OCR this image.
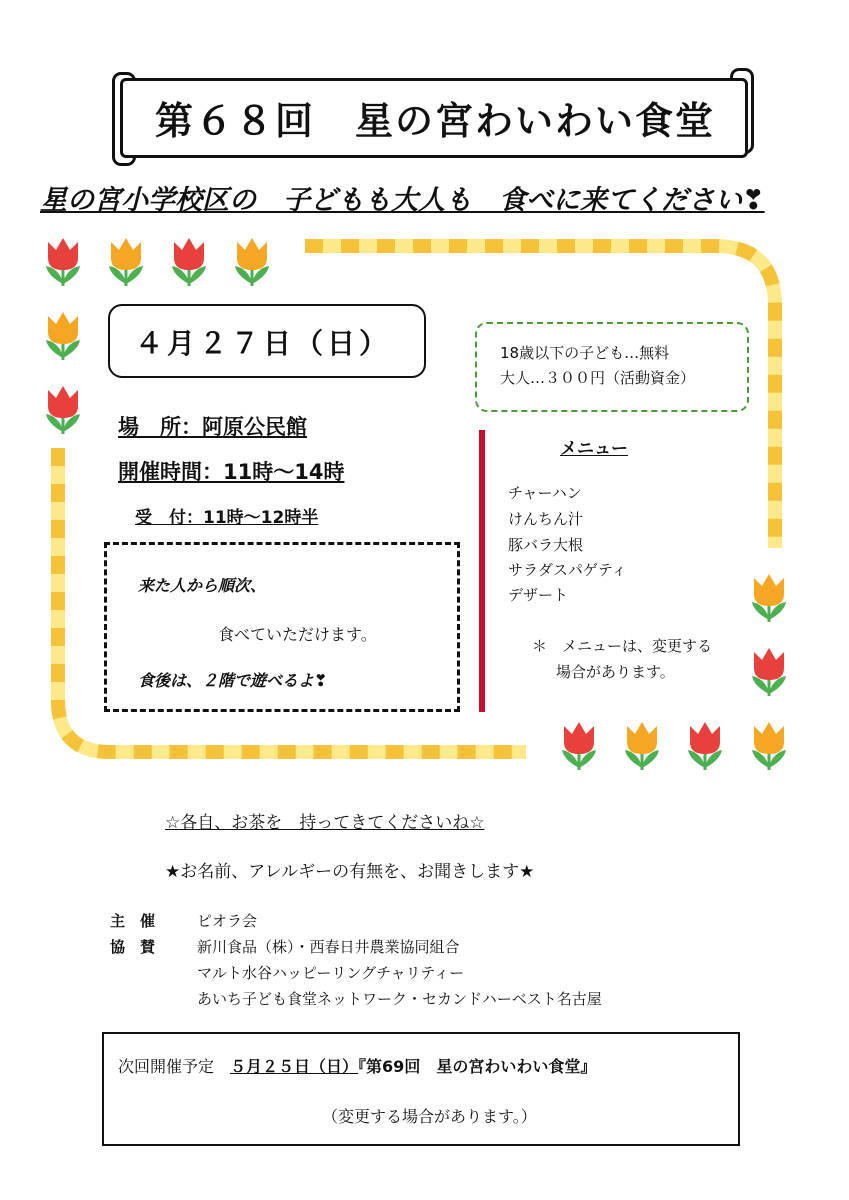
第６８回　星の宮わいわい食堂
星の宮小学校区の　子どもも大人も　食べに来てください❣
４月２７日（日）	18歳以下の子ども…無料
大人…３００円（活動資金）
場　所：阿原公民館
開催時間：11時～14時
受　付：11時～12時半
来た人から順次、
食べていただけます。
食後は、２階で遊べるよ❣
メニュー
チャーハン
けんちん汁
豚バラ大根
サラダスパゲティ
デザート
＊　メニューは、変更する
場合があります。
☆各自、お茶を　持ってきてくださいね☆
★お名前、アレルギーの有無を、お聞きします★
主　催	ピオラ会
協　賛	新川食品（株）・西春日井農業協同組合
マルト水谷ハッピーリングチャリティー
あいち子ども食堂ネットワーク・セカンドハーベスト名古屋
次回開催予定　 ５月２５日（日）『第69回　星の宮わいわい食堂』
（変更する場合があります。）
